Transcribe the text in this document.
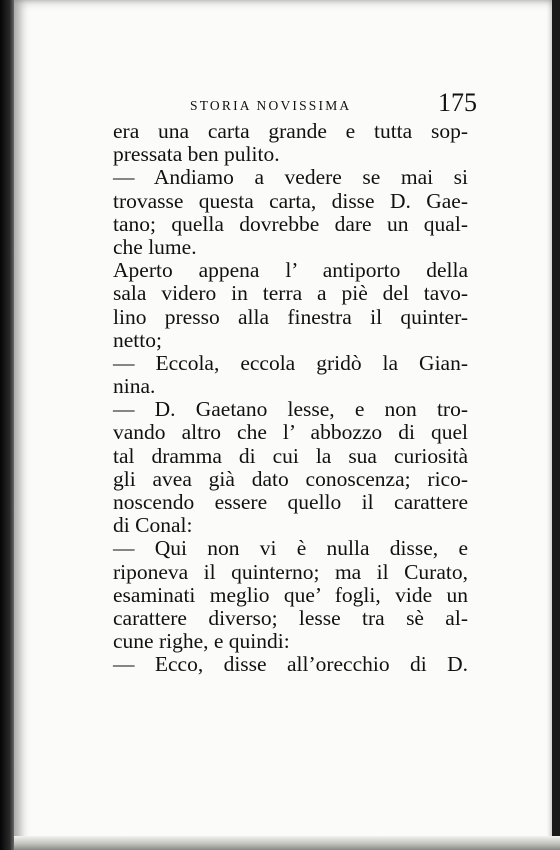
STORIA NOVISSIMA	175
era una carta grande e tutta sop-
pressata ben pulito.
— Andiamo a vedere se mai si
trovasse questa carta, disse D. Gae-
tano; quella dovrebbe dare un qual-
che lume.
Aperto appena l’ antiporto della
sala videro in terra a piè del tavo-
lino presso alla finestra il quinter-
netto;
— Eccola, eccola gridò la Gian-
nina.
— D. Gaetano lesse, e non tro-
vando altro che l’ abbozzo di quel
tal dramma di cui la sua curiosità
gli avea già dato conoscenza; rico-
noscendo essere quello il carattere
di Conal:
— Qui non vi è nulla disse, e
riponeva il quinterno; ma il Curato,
esaminati meglio que’ fogli, vide un
carattere diverso; lesse tra sè al-
cune righe, e quindi:
— Ecco, disse all’orecchio di D.
